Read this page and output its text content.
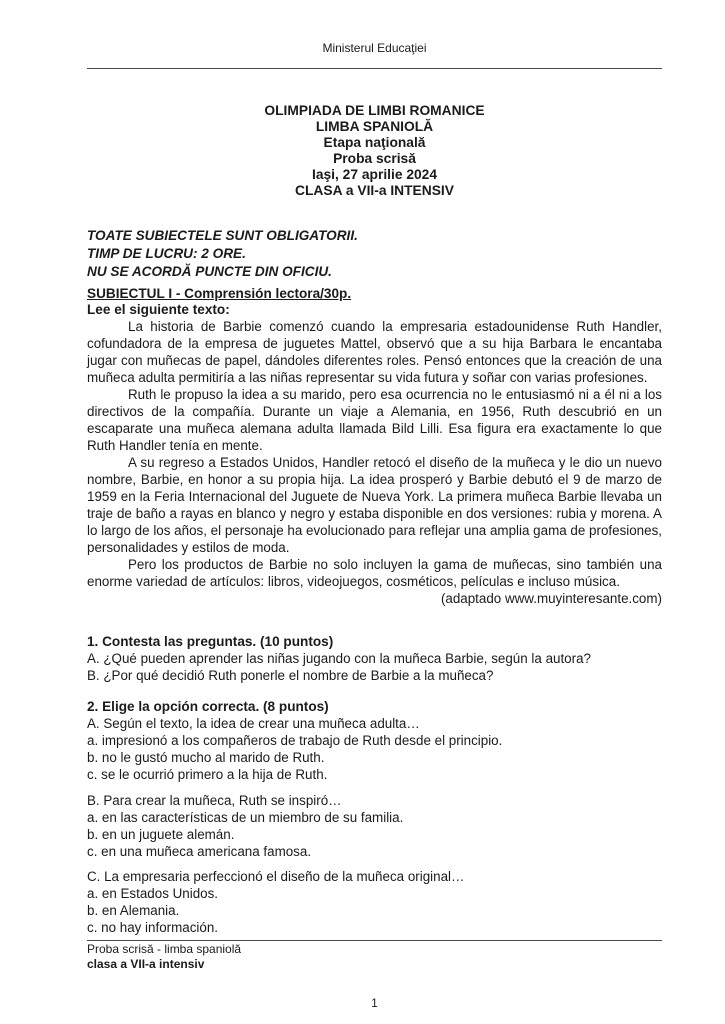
Ministerul Educaţiei
OLIMPIADA DE LIMBI ROMANICE
LIMBA SPANIOLĂ
Etapa naţională
Proba scrisă
Iaşi, 27 aprilie 2024
CLASA a VII-a INTENSIV
TOATE SUBIECTELE SUNT OBLIGATORII.
TIMP DE LUCRU: 2 ORE.
NU SE ACORDĂ PUNCTE DIN OFICIU.
SUBIECTUL I - Comprensión lectora/30p.
Lee el siguiente texto:
La historia de Barbie comenzó cuando la empresaria estadounidense Ruth Handler, cofundadora de la empresa de juguetes Mattel, observó que a su hija Barbara le encantaba jugar con muñecas de papel, dándoles diferentes roles. Pensó entonces que la creación de una muñeca adulta permitiría a las niñas representar su vida futura y soñar con varias profesiones.
Ruth le propuso la idea a su marido, pero esa ocurrencia no le entusiasmó ni a él ni a los directivos de la compañía. Durante un viaje a Alemania, en 1956, Ruth descubrió en un escaparate una muñeca alemana adulta llamada Bild Lilli. Esa figura era exactamente lo que Ruth Handler tenía en mente.
A su regreso a Estados Unidos, Handler retocó el diseño de la muñeca y le dio un nuevo nombre, Barbie, en honor a su propia hija. La idea prosperó y Barbie debutó el 9 de marzo de 1959 en la Feria Internacional del Juguete de Nueva York. La primera muñeca Barbie llevaba un traje de baño a rayas en blanco y negro y estaba disponible en dos versiones: rubia y morena. A lo largo de los años, el personaje ha evolucionado para reflejar una amplia gama de profesiones, personalidades y estilos de moda.
Pero los productos de Barbie no solo incluyen la gama de muñecas, sino también una enorme variedad de artículos: libros, videojuegos, cosméticos, películas e incluso música.
(adaptado www.muyinteresante.com)
1. Contesta las preguntas. (10 puntos)
A. ¿Qué pueden aprender las niñas jugando con la muñeca Barbie, según la autora?
B. ¿Por qué decidió Ruth ponerle el nombre de Barbie a la muñeca?
2. Elige la opción correcta. (8 puntos)
A. Según el texto, la idea de crear una muñeca adulta…
a. impresionó a los compañeros de trabajo de Ruth desde el principio.
b. no le gustó mucho al marido de Ruth.
c. se le ocurrió primero a la hija de Ruth.
B. Para crear la muñeca, Ruth se inspiró…
a. en las características de un miembro de su familia.
b. en un juguete alemán.
c. en una muñeca americana famosa.
C. La empresaria perfeccionó el diseño de la muñeca original…
a. en Estados Unidos.
b. en Alemania.
c. no hay información.
Proba scrisă - limba spaniolă
clasa a VII-a intensiv
1
